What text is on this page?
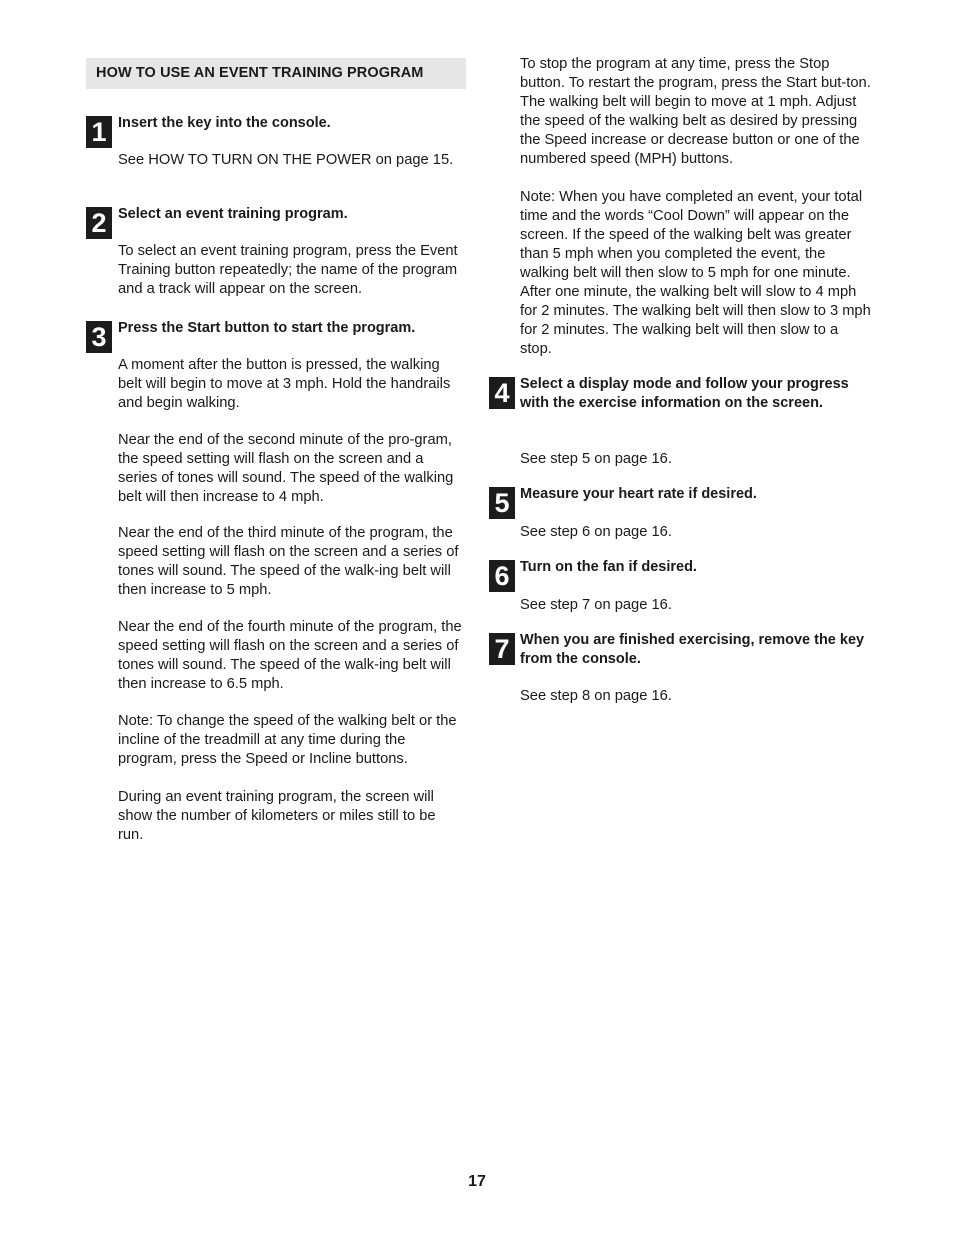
HOW TO USE AN EVENT TRAINING PROGRAM
1 Insert the key into the console.

See HOW TO TURN ON THE POWER on page 15.

2 Select an event training program.

To select an event training program, press the Event Training button repeatedly; the name of the program and a track will appear on the screen.

3 Press the Start button to start the program.

A moment after the button is pressed, the walking belt will begin to move at 3 mph. Hold the handrails and begin walking.

Near the end of the second minute of the pro-gram, the speed setting will flash on the screen and a series of tones will sound. The speed of the walking belt will then increase to 4 mph.

Near the end of the third minute of the program, the speed setting will flash on the screen and a series of tones will sound. The speed of the walk-ing belt will then increase to 5 mph.

Near the end of the fourth minute of the program, the speed setting will flash on the screen and a series of tones will sound. The speed of the walk-ing belt will then increase to 6.5 mph.

Note: To change the speed of the walking belt or the incline of the treadmill at any time during the program, press the Speed or Incline buttons.

During an event training program, the screen will show the number of kilometers or miles still to be run.

To stop the program at any time, press the Stop button. To restart the program, press the Start but-ton. The walking belt will begin to move at 1 mph. Adjust the speed of the walking belt as desired by pressing the Speed increase or decrease button or one of the numbered speed (MPH) buttons.

Note: When you have completed an event, your total time and the words “Cool Down” will appear on the screen. If the speed of the walking belt was greater than 5 mph when you completed the event, the walking belt will then slow to 5 mph for one minute. After one minute, the walking belt will slow to 4 mph for 2 minutes. The walking belt will then slow to 3 mph for 2 minutes. The walking belt will then slow to a stop.

4 Select a display mode and follow your progress with the exercise information on the screen.

See step 5 on page 16.

5 Measure your heart rate if desired.

See step 6 on page 16.

6 Turn on the fan if desired.

See step 7 on page 16.

7 When you are finished exercising, remove the key from the console.

See step 8 on page 16.

17
